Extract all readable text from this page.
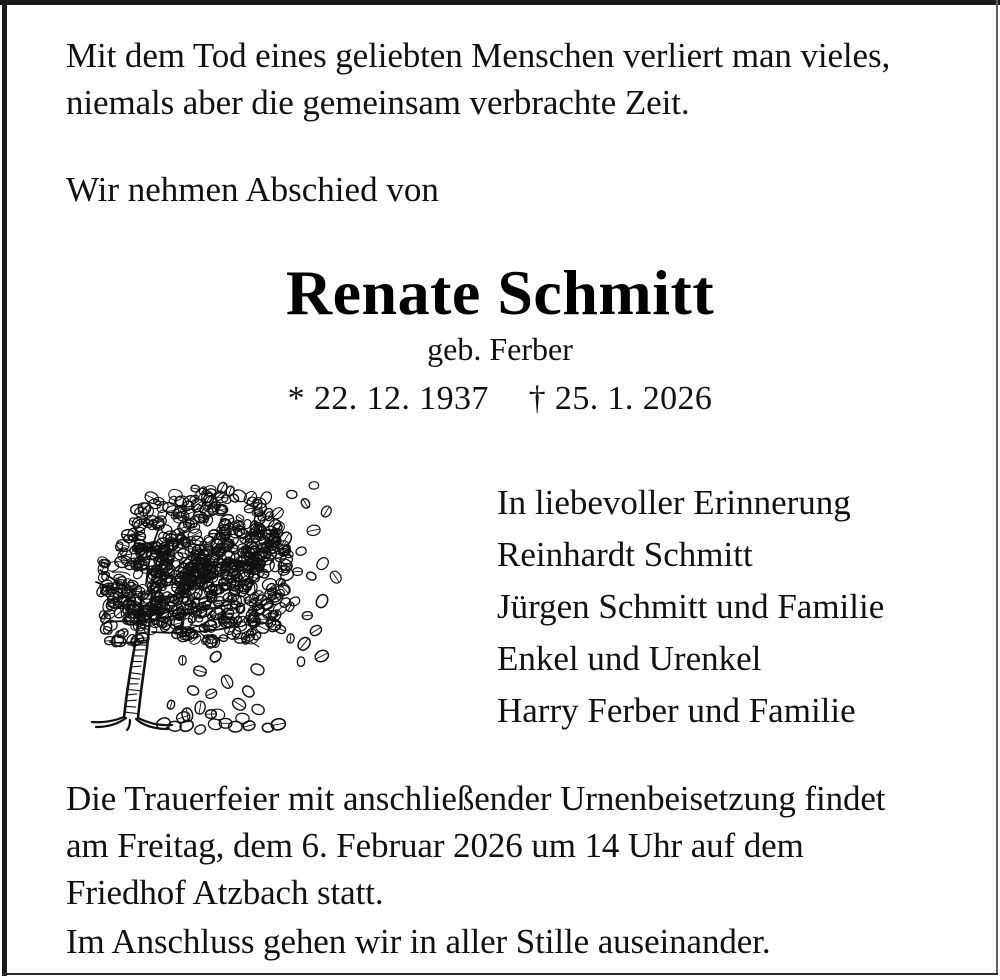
Mit dem Tod eines geliebten Menschen verliert man vieles,
niemals aber die gemeinsam verbrachte Zeit.
Wir nehmen Abschied von
Renate Schmitt
geb. Ferber
* 22. 12. 1937 † 25. 1. 2026
In liebevoller Erinnerung
Reinhardt Schmitt
Jürgen Schmitt und Familie
Enkel und Urenkel
Harry Ferber und Familie
Die Trauerfeier mit anschließender Urnenbeisetzung findet
am Freitag, dem 6. Februar 2026 um 14 Uhr auf dem
Friedhof Atzbach statt.
Im Anschluss gehen wir in aller Stille auseinander.
